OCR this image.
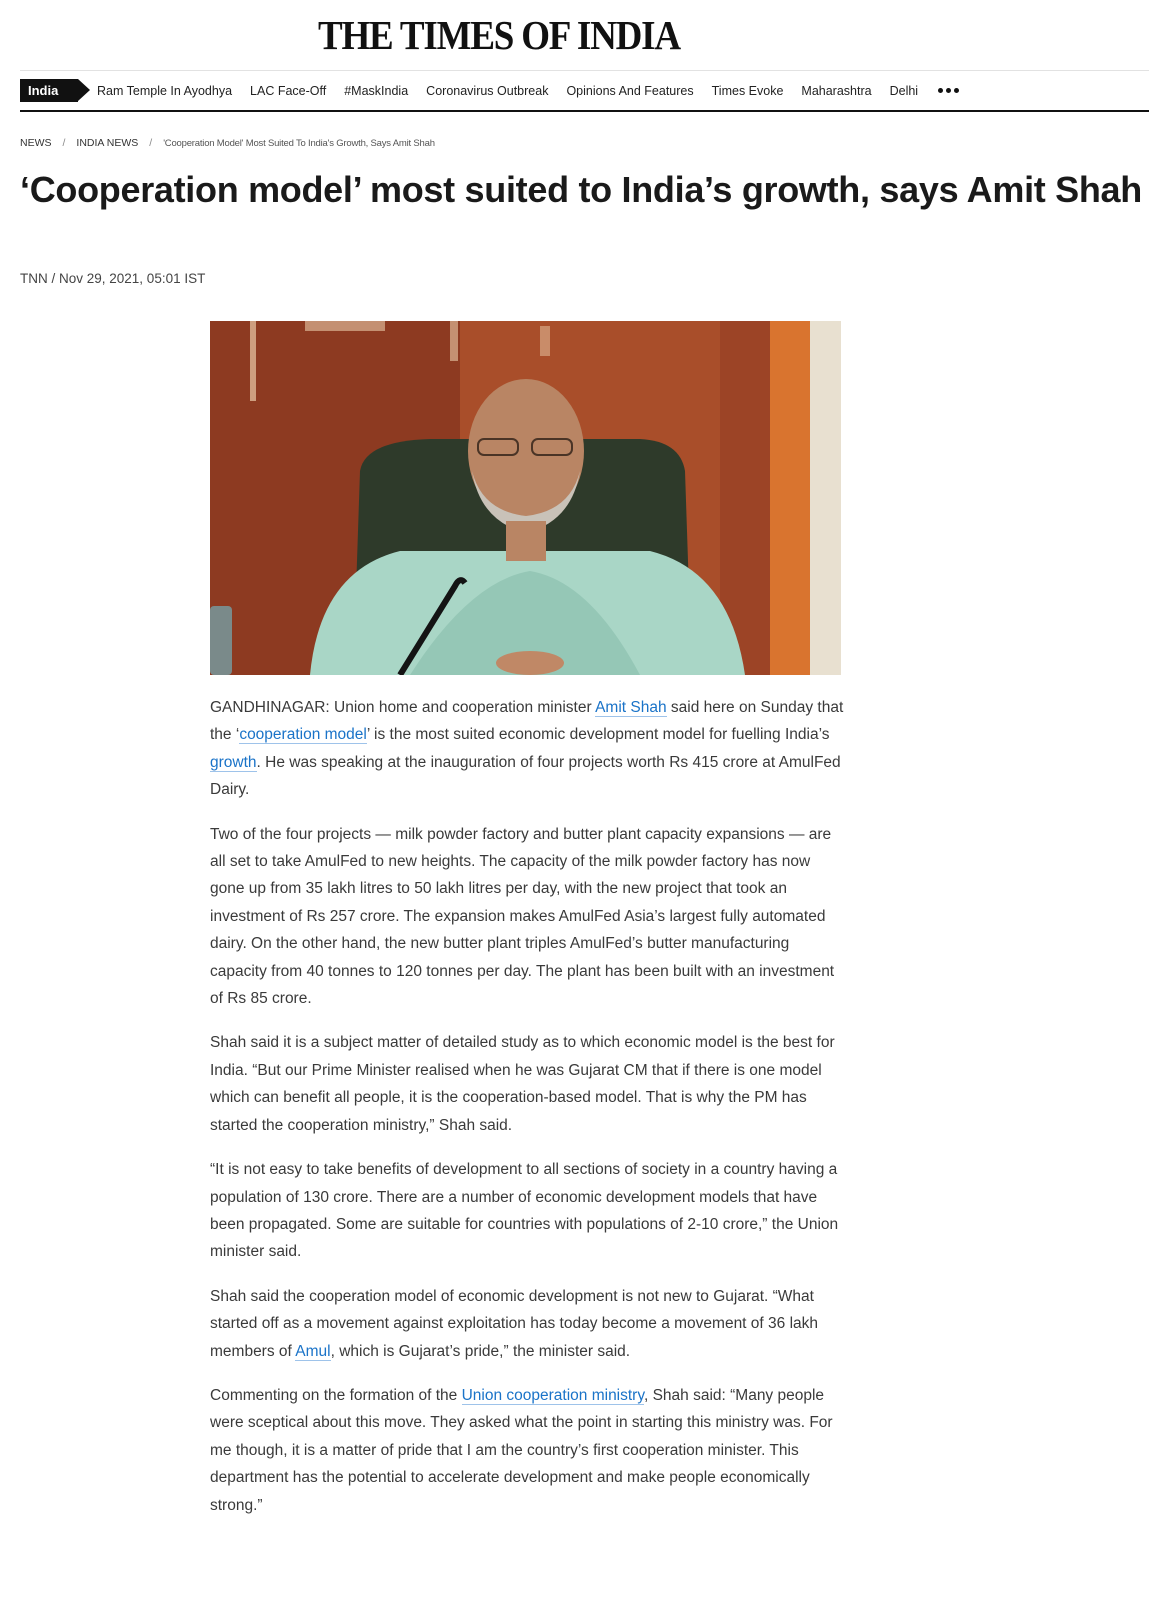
THE TIMES OF INDIA
India	Ram Temple In Ayodhya LAC Face-Off #MaskIndia Coronavirus Outbreak Opinions And Features Times Evoke Maharashtra Delhi
NEWS / INDIA NEWS / 'Cooperation Model' Most Suited To India's Growth, Says Amit Shah
‘Cooperation model’ most suited to India’s growth, says Amit Shah
TNN / Nov 29, 2021, 05:01 IST

GANDHINAGAR: Union home and cooperation minister Amit Shah said here on Sunday that the ‘cooperation model’ is the most suited economic development model for fuelling India’s growth. He was speaking at the inauguration of four projects worth Rs 415 crore at AmulFed Dairy.

Two of the four projects — milk powder factory and butter plant capacity expansions — are all set to take AmulFed to new heights. The capacity of the milk powder factory has now gone up from 35 lakh litres to 50 lakh litres per day, with the new project that took an investment of Rs 257 crore. The expansion makes AmulFed Asia’s largest fully automated dairy. On the other hand, the new butter plant triples AmulFed’s butter manufacturing capacity from 40 tonnes to 120 tonnes per day. The plant has been built with an investment of Rs 85 crore.

Shah said it is a subject matter of detailed study as to which economic model is the best for India. “But our Prime Minister realised when he was Gujarat CM that if there is one model which can benefit all people, it is the cooperation-based model. That is why the PM has started the cooperation ministry,” Shah said.

“It is not easy to take benefits of development to all sections of society in a country having a population of 130 crore. There are a number of economic development models that have been propagated. Some are suitable for countries with populations of 2-10 crore,” the Union minister said.

Shah said the cooperation model of economic development is not new to Gujarat. “What started off as a movement against exploitation has today become a movement of 36 lakh members of Amul, which is Gujarat’s pride,” the minister said.

Commenting on the formation of the Union cooperation ministry, Shah said: “Many people were sceptical about this move. They asked what the point in starting this ministry was. For me though, it is a matter of pride that I am the country’s first cooperation minister. This department has the potential to accelerate development and make people economically strong.”
